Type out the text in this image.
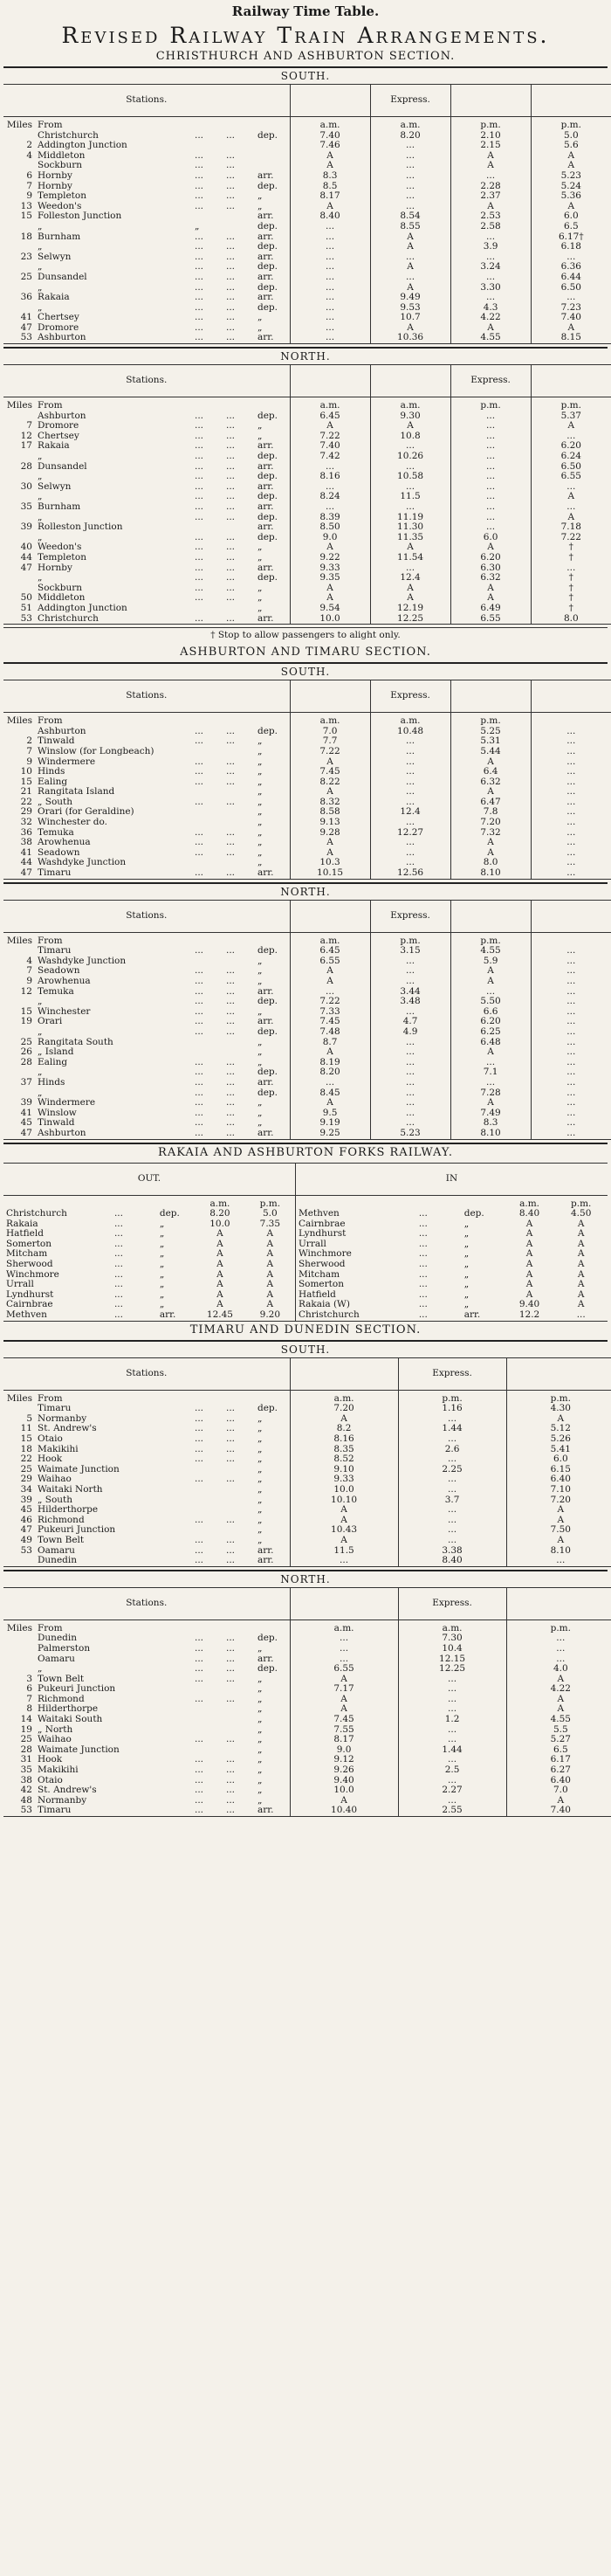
Railway Time Table.
Revised Railway Train Arrangements.
CHRISTHURCH AND ASHBURTON SECTION.
SOUTH.
Stations.						Express.		
Miles	From				a.m.	a.m.	p.m.	p.m.
	Christchurch	...	...	dep.	7.40	8.20	2.10	5.0
2	Addington Junction				7.46	...	2.15	5.6
4	Middleton	...	...		A	...	A	A
	Sockburn	...	...		A	...	A	A
6	Hornby	...	...	arr.	8.3	...	...	5.23
7	Hornby	...	...	dep.	8.5	...	2.28	5.24
9	Templeton	...	...	„	8.17	...	2.37	5.36
13	Weedon's	...	...	„	A	...	A	A
15	Folleston Junction			arr.	8.40	8.54	2.53	6.0
	„	„		dep.	...	8.55	2.58	6.5
18	Burnham	...	...	arr.	...	A	...	6.17†
	„	...	...	dep.	...	A	3.9	6.18
23	Selwyn	...	...	arr.	...	...	...	...
	„	...	...	dep.	...	A	3.24	6.36
25	Dunsandel	...	...	arr.	...	...	...	6.44
	„	...	...	dep.	...	A	3.30	6.50
36	Rakaia	...	...	arr.	...	9.49	...	...
	„	...	...	dep.	...	9.53	4.3	7.23
41	Chertsey	...	...	„	...	10.7	4.22	7.40
47	Dromore	...	...	„	...	A	A	A
53	Ashburton	...	...	arr.	...	10.36	4.55	8.15

NORTH.
Stations.							Express.	
Miles	From				a.m.	a.m.	p.m.	p.m.
	Ashburton	...	...	dep.	6.45	9.30	...	5.37
7	Dromore	...	...	„	A	A	...	A
12	Chertsey	...	...	„	7.22	10.8	...	...
17	Rakaia	...	...	arr.	7.40	...	...	6.20
	„	...	...	dep.	7.42	10.26	...	6.24
28	Dunsandel	...	...	arr.	...	...	...	6.50
	„	...	...	dep.	8.16	10.58	...	6.55
30	Selwyn	...	...	arr.	...	...	...	...
	„	...	...	dep.	8.24	11.5	...	A
35	Burnham	...	...	arr.	...	...	...	...
	„	...	...	dep.	8.39	11.19	...	A
39	Rolleston Junction			arr.	8.50	11.30	...	7.18
	„	...	...	dep.	9.0	11.35	6.0	7.22
40	Weedon's	...	...	„	A	A	A	†
44	Templeton	...	...	„	9.22	11.54	6.20	†
47	Hornby	...	...	arr.	9.33	...	6.30	...
	„	...	...	dep.	9.35	12.4	6.32	†
	Sockburn	...	...	„	A	A	A	†
50	Middleton	...	...	„	A	A	A	†
51	Addington Junction			„	9.54	12.19	6.49	†
53	Christchurch	...	...	arr.	10.0	12.25	6.55	8.0

† Stop to allow passengers to alight only.
ASHBURTON AND TIMARU SECTION.
SOUTH.
Stations.						Express.		
Miles	From				a.m.	a.m.	p.m.	
	Ashburton	...	...	dep.	7.0	10.48	5.25	...
2	Tinwald	...	...	„	7.7	...	5.31	...
7	Winslow (for Longbeach)			„	7.22	...	5.44	...
9	Windermere	...	...	„	A	...	A	...
10	Hinds	...	...	„	7.45	...	6.4	...
15	Ealing	...	...	„	8.22	...	6.32	...
21	Rangitata Island			„	A	...	A	...
22	„ South	...	...	„	8.32	...	6.47	...
29	Orari (for Geraldine)			„	8.58	12.4	7.8	...
32	Winchester do.			„	9.13	...	7.20	...
36	Temuka	...	...	„	9.28	12.27	7.32	...
38	Arowhenua	...	...	„	A	...	A	...
41	Seadown	...	...	„	A	...	A	...
44	Washdyke Junction			„	10.3	...	8.0	...
47	Timaru	...	...	arr.	10.15	12.56	8.10	...

NORTH.
Stations.						Express.		
Miles	From				a.m.	p.m.	p.m.	
	Timaru	...	...	dep.	6.45	3.15	4.55	...
4	Washdyke Junction			„	6.55	...	5.9	...
7	Seadown	...	...	„	A	...	A	...
9	Arowhenua	...	...	„	A	...	A	...
12	Temuka	...	...	arr.	...	3.44	...	...
	„	...	...	dep.	7.22	3.48	5.50	...
15	Winchester	...	...	„	7.33	...	6.6	...
19	Orari	...	...	arr.	7.45	4.7	6.20	...
	„	...	...	dep.	7.48	4.9	6.25	...
25	Rangitata South			„	8.7	...	6.48	...
26	„ Island			„	A	...	A	...
28	Ealing	...	...	„	8.19	...	...	...
	„	...	...	dep.	8.20	...	7.1	...
37	Hinds	...	...	arr.	...	...	...	...
	„	...	...	dep.	8.45	...	7.28	...
39	Windermere	...	...	„	A	...	A	...
41	Winslow	...	...	„	9.5	...	7.49	...
45	Tinwald	...	...	„	9.19	...	8.3	...
47	Ashburton	...	...	arr.	9.25	5.23	8.10	...

RAKAIA AND ASHBURTON FORKS RAILWAY.
OUT.					IN				
			a.m.	p.m.				a.m.	p.m.
Christchurch	...	dep.	8.20	5.0	Methven	...	dep.	8.40	4.50
Rakaia	...	„	10.0	7.35	Cairnbrae	...	„	A	A
Hatfield	...	„	A	A	Lyndhurst	...	„	A	A
Somerton	...	„	A	A	Urrall	...	„	A	A
Mitcham	...	„	A	A	Winchmore	...	„	A	A
Sherwood	...	„	A	A	Sherwood	...	„	A	A
Winchmore	...	„	A	A	Mitcham	...	„	A	A
Urrall	...	„	A	A	Somerton	...	„	A	A
Lyndhurst	...	„	A	A	Hatfield	...	„	A	A
Cairnbrae	...	„	A	A	Rakaia (W)	...	„	9.40	A
Methven	...	arr.	12.45	9.20	Christchurch	...	arr.	12.2	...

TIMARU AND DUNEDIN SECTION.
SOUTH.
Stations.						Express.	
Miles	From				a.m.	p.m.	p.m.
	Timaru	...	...	dep.	7.20	1.16	4.30
5	Normanby	...	...	„	A	...	A
11	St. Andrew's	...	...	„	8.2	1.44	5.12
15	Otaio	...	...	„	8.16	...	5.26
18	Makikihi	...	...	„	8.35	2.6	5.41
22	Hook	...	...	„	8.52	...	6.0
25	Waimate Junction			„	9.10	2.25	6.15
29	Waihao	...	...	„	9.33	...	6.40
34	Waitaki North			„	10.0	...	7.10
39	„ South			„	10.10	3.7	7.20
45	Hilderthorpe			„	A	...	A
46	Richmond	...	...	„	A	...	A
47	Pukeuri Junction			„	10.43	...	7.50
49	Town Belt	...	...	„	A	...	A
53	Oamaru	...	...	arr.	11.5	3.38	8.10
	Dunedin	...	...	arr.	...	8.40	...

NORTH.
Stations.						Express.	
Miles	From				a.m.	a.m.	p.m.
	Dunedin	...	...	dep.	...	7.30	...
	Palmerston	...	...	„	...	10.4	...
	Oamaru	...	...	arr.	...	12.15	...
	„	...	...	dep.	6.55	12.25	4.0
3	Town Belt	...	...	„	A	...	A
6	Pukeuri Junction			„	7.17	...	4.22
7	Richmond	...	...	„	A	...	A
8	Hilderthorpe			„	A	...	A
14	Waitaki South			„	7.45	1.2	4.55
19	„ North			„	7.55	...	5.5
25	Waihao	...	...	„	8.17	...	5.27
28	Waimate Junction			„	9.0	1.44	6.5
31	Hook	...	...	„	9.12	...	6.17
35	Makikihi	...	...	„	9.26	2.5	6.27
38	Otaio	...	...	„	9.40	...	6.40
42	St. Andrew's	...	...	„	10.0	2.27	7.0
48	Normanby	...	...	„	A	...	A
53	Timaru	...	...	arr.	10.40	2.55	7.40
